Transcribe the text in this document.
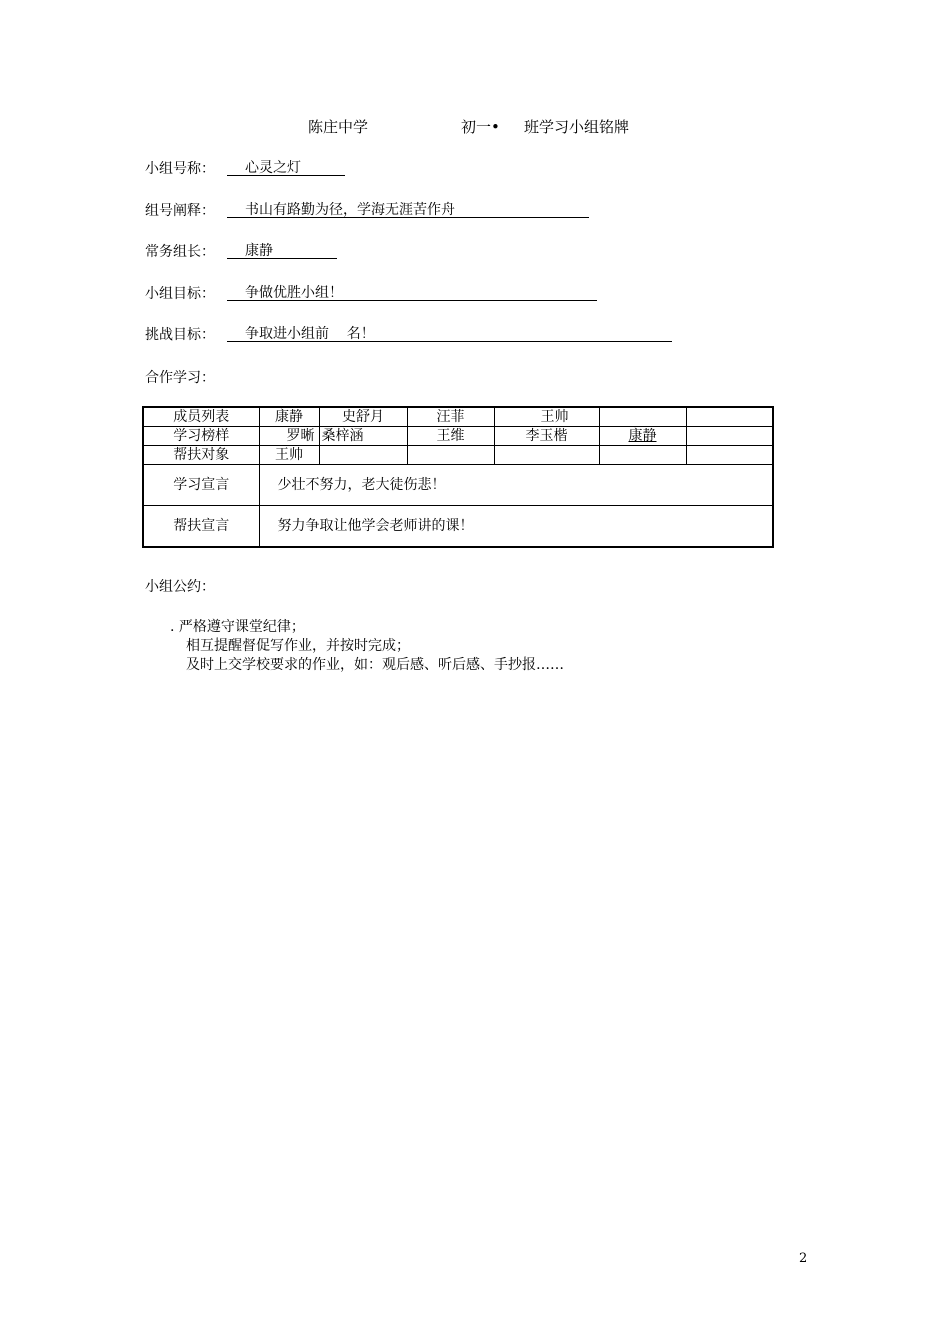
陈庄中学	初一• 班学习小组铭牌
小组号称： 心灵之灯
组号阐释： 书山有路勤为径，学海无涯苦作舟
常务组长： 康静
小组目标： 争做优胜小组！
挑战目标： 争取进小组前    名！
合作学习：
成员列表	康静	史舒月	汪菲	王帅		
学习榜样	罗晰	桑梓涵	王维	李玉楷	康静	
帮扶对象	王帅					
学习宣言	少壮不努力，老大徒伤悲！					
帮扶宣言	努力争取让他学会老师讲的课！					
小组公约：
. 严格遵守课堂纪律；
相互提醒督促写作业，并按时完成；
及时上交学校要求的作业，如：观后感、听后感、手抄报……
2
